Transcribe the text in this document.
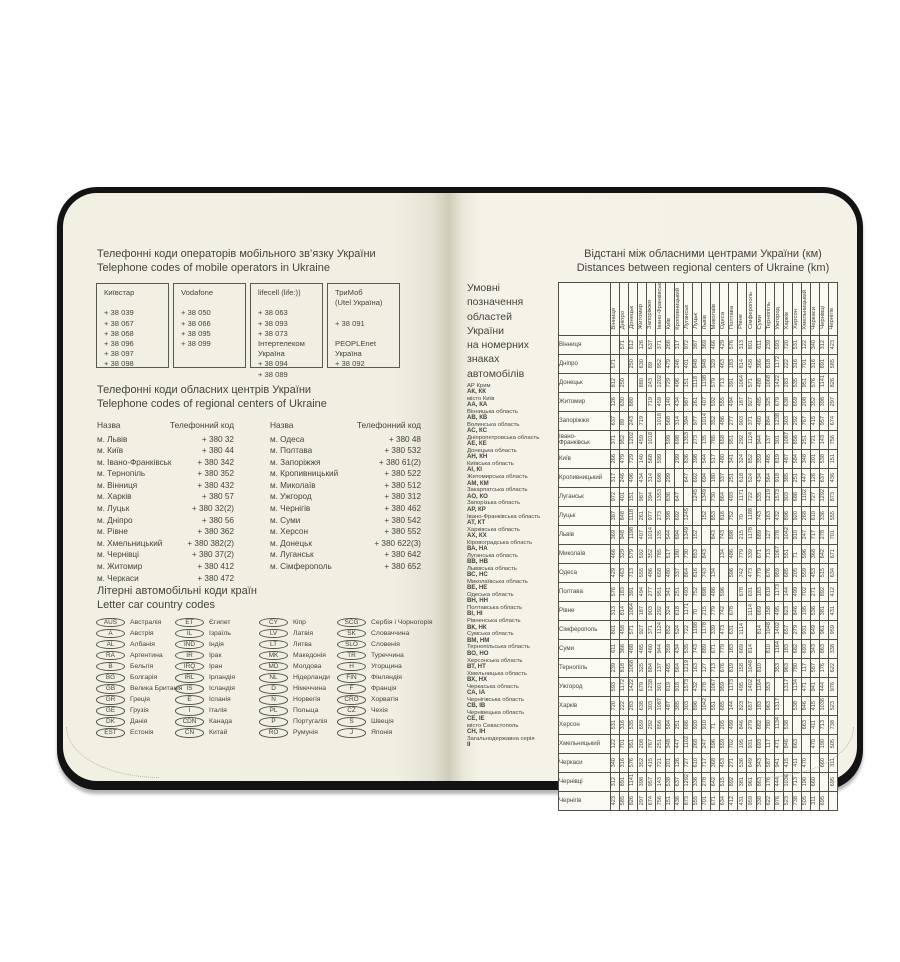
Телефонні коди операторів мобільного зв’язку України
Telephone codes of mobile operators in Ukraine
Київстар

+ 38 039
+ 38 067
+ 38 068
+ 38 096
+ 38 097
+ 38 098
Vodafone

+ 38 050
+ 38 066
+ 38 095
+ 38 099
lifecell (life:))

+ 38 063
+ 38 093
+ 38 073
Інтертелеком Україна
+ 38 094
+ 38 089
ТриМоб
(Utel Україна)

+ 38 091

PEOPLEnet
Україна
+ 38 092
Телефонні коди обласних центрів України
Telephone codes of regional centers of Ukraine
Назва	Телефонний код
м. Львів	+ 380 32
м. Київ	+ 380 44
м. Івано-Франківськ	+ 380 342
м. Тернопіль	+ 380 352
м. Вінниця	+ 380 432
м. Харків	+ 380 57
м. Луцьк	+ 380 32(2)
м. Дніпро	+ 380 56
м. Рівне	+ 380 362
м. Хмельницький	+ 380 382(2)
м. Чернівці	+ 380 37(2)
м. Житомир	+ 380 412
м. Черкаси	+ 380 472
Назва	Телефонний код
м. Одеса	+ 380 48
м. Полтава	+ 380 532
м. Запоріжжя	+ 380 61(2)
м. Кропивницький	+ 380 522
м. Миколаїв	+ 380 512
м. Ужгород	+ 380 312
м. Чернігів	+ 380 462
м. Суми	+ 380 542
м. Херсон	+ 380 552
м. Донецьк	+ 380 622(3)
м. Луганськ	+ 380 642
м. Сімферополь	+ 380 652
Літерні автомобільні коди країн
Letter car country codes
AUS	Австралія
A	Австрія
AL	Албанія
RA	Аргентина
B	Бельгія
BG	Болгарія
GB	Велика Британія
GR	Греція
GE	Грузія
DK	Данія
EST	Естонія
ET	Єгипет
IL	Ізраїль
IND	Індія
IR	Ірак
IRQ	Іран
IRL	Ірландія
IS	Ісландія
E	Іспанія
I	Італія
CDN	Канада
CN	Китай
CY	Кіпр
LV	Латвія
LT	Литва
MK	Македонія
MD	Молдова
NL	Нідерланди
D	Німеччина
N	Норвегія
PL	Польща
P	Португалія
RO	Румунія
SCG	Сербія і Чорногорія
SK	Словаччина
SLO	Словенія
TR	Туреччина
H	Угорщина
FIN	Фінляндія
F	Франція
CRO	Хорватія
CZ	Чехія
S	Швеція
J	Японія
Відстані між обласними центрами України (км)
Distances between regional centers of Ukraine (km)
Умовні
позначення
областей
України
на номерних
знаках
автомобілів
АР Крим
АК, КК
місто Київ
АА, КА
Вінницька область
АВ, КВ
Волинська область
АС, КС
Дніпропетровська область
АЕ, КЕ
Донецька область
АН, КН
Київська область
АІ, КІ
Житомирська область
АМ, КМ
Закарпатська область
АО, КО
Запорізька область
АР, КР
Івано-Франківська область
АТ, КТ
Харківська область
АХ, КХ
Кіровоградська область
ВА, НА
Луганська область
ВВ, НВ
Львівська область
ВС, НС
Миколаївська область
ВЕ, НЕ
Одеська область
ВН, НН
Полтавська область
ВІ, НІ
Рівненська область
ВК, НК
Сумська область
ВМ, НМ
Тернопільська область
ВО, НО
Херсонська область
ВТ, НТ
Хмельницька область
ВХ, НХ
Черкаська область
СА, ІА
Чернігівська область
СВ, ІВ
Чернівецька область
СЕ, ІЕ
місто Севастополь
СН, ІН
Загальнодержавна серія
ІІ
	Вінниця	Дніпро	Донецьк	Житомир	Запоріжжя	Івано-Франківськ	Київ	Кропивницький	Луганськ	Луцьк	Львів	Миколаїв	Одеса	Полтава	Рівне	Сімферополь	Суми	Тернопіль	Ужгород	Харків	Херсон	Хмельницький	Черкаси	Чернівці	Чернігів
Вінниця		571	812	126	637	371	266	317	972	387	369	466	429	576	313	801	611	239	593	720	531	122	340	312	423
Дніпро	571		250	630	89	952	479	246	401	848	948	329	463	183	814	458	366	818	1172	222	316	701	316	891	585
Донецьк	812	250		880	243	1202	729	496	151	1118	1198	579	713	391	1064	571	488	1068	1422	283	535	951	576	1141	826
Житомир	126	630	880		719	459	140	434	987	261	407	592	555	494	187	927	485	325	679	638	659	208	352	398	297
Запоріжжя	637	89	243	719		1018	568	314	394	977	1014	352	486	277	903	371	460	884	1238	303	292	767	415	957	674
Івано-
Франківськ	371	952	1202	459	1018		599	698	1353	273	135	785	658	951	292	1124	944	137	301	1087	856	251	721	143	756
Київ	266	479	729	140	568	599		299	836	398	544	517	480	341	324	852	359	465	819	487	584	348	201	538	151
Кропивницький	317	246	496	434	314	698	299		647	692	694	180	337	251	618	524	434	564	918	385	251	447	126	637	436
Луганськ	972	401	151	987	394	1353	836	647		1245	1349	730	864	493	1171	722	535	1219	1573	303	686	1102	727	1292	873
Луцьк	387	848	1118	261	977	273	398	692	1245		152	853	816	752	70	1188	743	163	432	896	920	268	610	336	555
Львів	369	948	1198	407	1014	135	544	694	1349	152		843	743	898	215	1178	889	127	278	1042	910	247	717	278	701
Миколаїв	466	329	579	592	352	785	517	180	730	853	843		134	486	779	339	671	713	1067	551	71	596	368	642	671
Одеса	429	463	713	555	486	658	480	337	864	816	743	134		596	742	473	779	676	959	685	205	559	453	515	634
Полтава	576	183	391	494	277	951	341	251	493	752	898	486	596		678	631	183	819	1173	144	499	702	271	892	412
Рівне	313	814	1064	187	903	292	324	618	1171	70	215	779	742	678		1114	669	158	495	823	846	195	536	381	431
Сімферополь	801	458	571	927	371	1124	852	524	722	1188	1178	339	473	631	1114		814	1048	1402	657	279	931	649	961	959
Суми	611	366	488	485	460	944	359	434	535	743	889	671	779	183	669	814		810	1164	183	682	693	343	863	338
Тернопіль	239	818	1068	325	884	137	465	564	1219	163	127	713	676	819	158	1048	810		353	963	780	117	587	176	622
Ужгород	593	1172	1422	679	1238	301	819	918	1573	432	278	1067	959	1173	495	1402	1164	353		1317	1134	471	941	444	976
Харків	720	222	283	638	303	1087	487	385	303	896	1042	551	685	144	823	657	183	963	1317		538	846	415	1036	523
Херсон	531	316	535	659	292	856	584	251	686	920	910	71	205	499	846	279	682	780	1134	538		663	411	713	738
Хмельницький	122	701	951	208	767	251	348	447	1102	268	247	596	559	702	195	931	693	117	471	846	663		470	190	505
Черкаси	340	316	576	352	415	721	201	126	727	610	717	368	453	271	536	649	343	587	941	415	411	470		660	311
Чернівці	312	891	1141	398	957	143	538	637	1292	336	278	642	515	892	381	961	863	176	444	1036	713	190	660		695
Чернігів	423	585	826	297	674	756	151	436	873	555	701	671	634	412	431	959	338	622	976	523	738	505	311	695	
